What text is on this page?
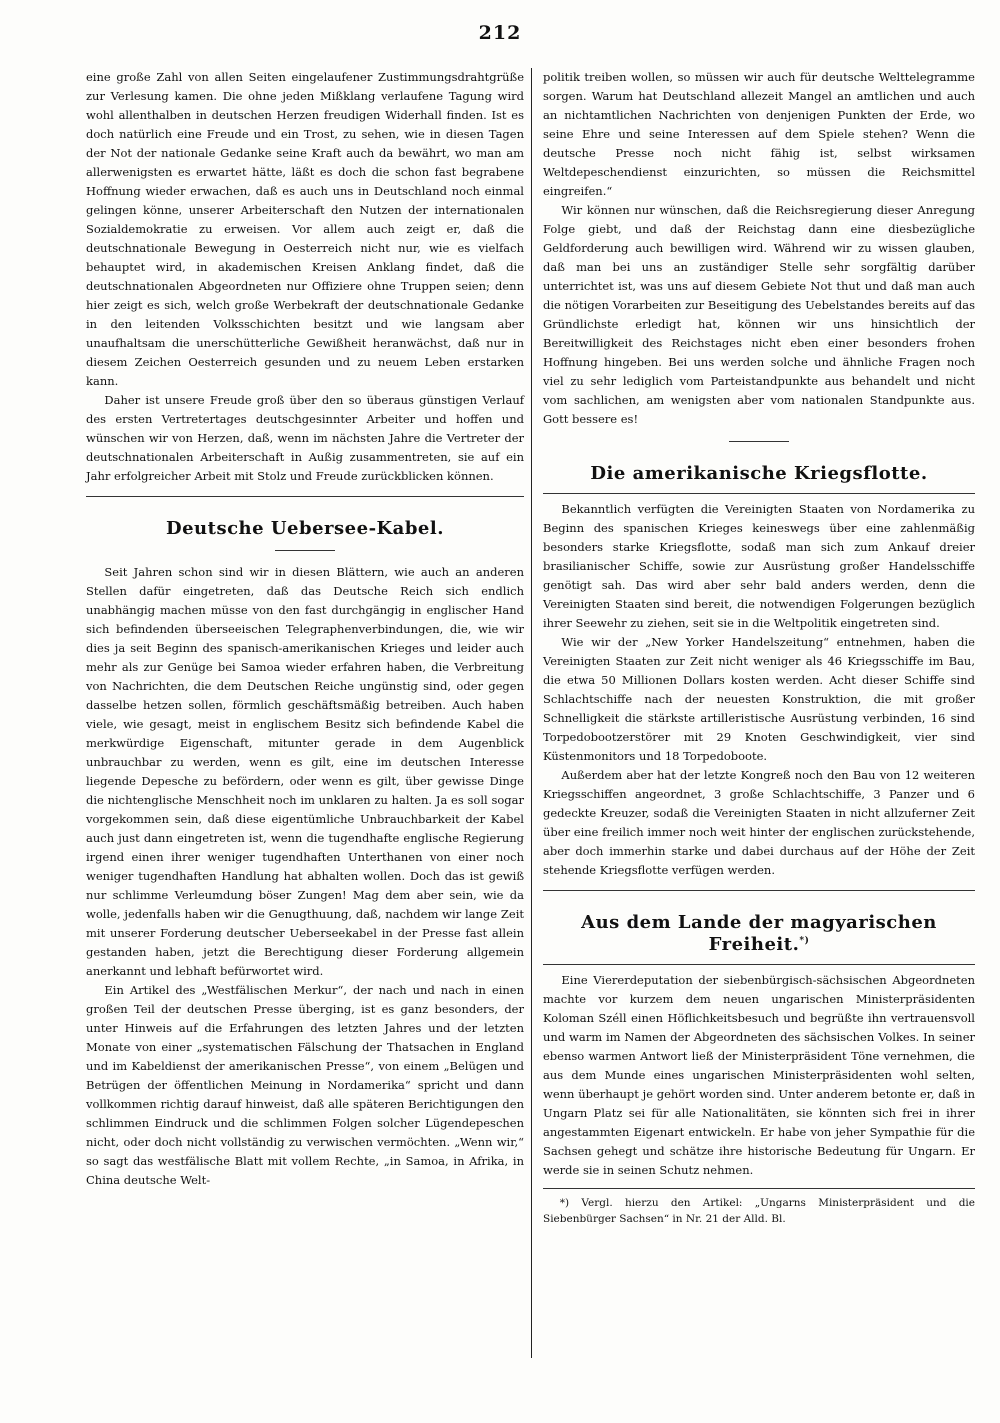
212

eine große Zahl von allen Seiten eingelaufener Zustimmungsdrahtgrüße zur Verlesung kamen. Die ohne jeden Mißklang verlaufene Tagung wird wohl allenthalben in deutschen Herzen freudigen Widerhall finden. Ist es doch natürlich eine Freude und ein Trost, zu sehen, wie in diesen Tagen der Not der nationale Gedanke seine Kraft auch da bewährt, wo man am allerwenigsten es erwartet hätte, läßt es doch die schon fast begrabene Hoffnung wieder erwachen, daß es auch uns in Deutschland noch einmal gelingen könne, unserer Arbeiterschaft den Nutzen der internationalen Sozialdemokratie zu erweisen. Vor allem auch zeigt er, daß die deutschnationale Bewegung in Oesterreich nicht nur, wie es vielfach behauptet wird, in akademischen Kreisen Anklang findet, daß die deutschnationalen Abgeordneten nur Offiziere ohne Truppen seien; denn hier zeigt es sich, welch große Werbekraft der deutschnationale Gedanke in den leitenden Volksschichten besitzt und wie langsam aber unaufhaltsam die unerschütterliche Gewißheit heranwächst, daß nur in diesem Zeichen Oesterreich gesunden und zu neuem Leben erstarken kann.

Daher ist unsere Freude groß über den so überaus günstigen Verlauf des ersten Vertretertages deutschgesinnter Arbeiter und hoffen und wünschen wir von Herzen, daß, wenn im nächsten Jahre die Vertreter der deutschnationalen Arbeiterschaft in Außig zusammentreten, sie auf ein Jahr erfolgreicher Arbeit mit Stolz und Freude zurückblicken können.

Deutsche Uebersee-Kabel.

Seit Jahren schon sind wir in diesen Blättern, wie auch an anderen Stellen dafür eingetreten, daß das Deutsche Reich sich endlich unabhängig machen müsse von den fast durchgängig in englischer Hand sich befindenden überseeischen Telegraphenverbindungen, die, wie wir dies ja seit Beginn des spanisch-amerikanischen Krieges und leider auch mehr als zur Genüge bei Samoa wieder erfahren haben, die Verbreitung von Nachrichten, die dem Deutschen Reiche ungünstig sind, oder gegen dasselbe hetzen sollen, förmlich geschäftsmäßig betreiben. Auch haben viele, wie gesagt, meist in englischem Besitz sich befindende Kabel die merkwürdige Eigenschaft, mitunter gerade in dem Augenblick unbrauchbar zu werden, wenn es gilt, eine im deutschen Interesse liegende Depesche zu befördern, oder wenn es gilt, über gewisse Dinge die nichtenglische Menschheit noch im unklaren zu halten. Ja es soll sogar vorgekommen sein, daß diese eigentümliche Unbrauchbarkeit der Kabel auch just dann eingetreten ist, wenn die tugendhafte englische Regierung irgend einen ihrer weniger tugendhaften Unterthanen von einer noch weniger tugendhaften Handlung hat abhalten wollen. Doch das ist gewiß nur schlimme Verleumdung böser Zungen! Mag dem aber sein, wie da wolle, jedenfalls haben wir die Genugthuung, daß, nachdem wir lange Zeit mit unserer Forderung deutscher Ueberseekabel in der Presse fast allein gestanden haben, jetzt die Berechtigung dieser Forderung allgemein anerkannt und lebhaft befürwortet wird.

Ein Artikel des „Westfälischen Merkur“, der nach und nach in einen großen Teil der deutschen Presse überging, ist es ganz besonders, der unter Hinweis auf die Erfahrungen des letzten Jahres und der letzten Monate von einer „systematischen Fälschung der Thatsachen in England und im Kabeldienst der amerikanischen Presse“, von einem „Belügen und Betrügen der öffentlichen Meinung in Nordamerika“ spricht und dann vollkommen richtig darauf hinweist, daß alle späteren Berichtigungen den schlimmen Eindruck und die schlimmen Folgen solcher Lügendepeschen nicht, oder doch nicht vollständig zu verwischen vermöchten. „Wenn wir,“ so sagt das westfälische Blatt mit vollem Rechte, „in Samoa, in Afrika, in China deutsche Welt-

politik treiben wollen, so müssen wir auch für deutsche Welttelegramme sorgen. Warum hat Deutschland allezeit Mangel an amtlichen und auch an nichtamtlichen Nachrichten von denjenigen Punkten der Erde, wo seine Ehre und seine Interessen auf dem Spiele stehen? Wenn die deutsche Presse noch nicht fähig ist, selbst wirksamen Weltdepeschendienst einzurichten, so müssen die Reichsmittel eingreifen.“

Wir können nur wünschen, daß die Reichsregierung dieser Anregung Folge giebt, und daß der Reichstag dann eine diesbezügliche Geldforderung auch bewilligen wird. Während wir zu wissen glauben, daß man bei uns an zuständiger Stelle sehr sorgfältig darüber unterrichtet ist, was uns auf diesem Gebiete Not thut und daß man auch die nötigen Vorarbeiten zur Beseitigung des Uebelstandes bereits auf das Gründlichste erledigt hat, können wir uns hinsichtlich der Bereitwilligkeit des Reichstages nicht eben einer besonders frohen Hoffnung hingeben. Bei uns werden solche und ähnliche Fragen noch viel zu sehr lediglich vom Parteistandpunkte aus behandelt und nicht vom sachlichen, am wenigsten aber vom nationalen Standpunkte aus. Gott bessere es!

Die amerikanische Kriegsflotte.

Bekanntlich verfügten die Vereinigten Staaten von Nordamerika zu Beginn des spanischen Krieges keineswegs über eine zahlenmäßig besonders starke Kriegsflotte, sodaß man sich zum Ankauf dreier brasilianischer Schiffe, sowie zur Ausrüstung großer Handelsschiffe genötigt sah. Das wird aber sehr bald anders werden, denn die Vereinigten Staaten sind bereit, die notwendigen Folgerungen bezüglich ihrer Seewehr zu ziehen, seit sie in die Weltpolitik eingetreten sind.

Wie wir der „New Yorker Handelszeitung“ entnehmen, haben die Vereinigten Staaten zur Zeit nicht weniger als 46 Kriegsschiffe im Bau, die etwa 50 Millionen Dollars kosten werden. Acht dieser Schiffe sind Schlachtschiffe nach der neuesten Konstruktion, die mit großer Schnelligkeit die stärkste artilleristische Ausrüstung verbinden, 16 sind Torpedobootzerstörer mit 29 Knoten Geschwindigkeit, vier sind Küstenmonitors und 18 Torpedoboote.

Außerdem aber hat der letzte Kongreß noch den Bau von 12 weiteren Kriegsschiffen angeordnet, 3 große Schlachtschiffe, 3 Panzer und 6 gedeckte Kreuzer, sodaß die Vereinigten Staaten in nicht allzuferner Zeit über eine freilich immer noch weit hinter der englischen zurückstehende, aber doch immerhin starke und dabei durchaus auf der Höhe der Zeit stehende Kriegsflotte verfügen werden.

Aus dem Lande der magyarischen Freiheit.*)

Eine Viererdeputation der siebenbürgisch-sächsischen Abgeordneten machte vor kurzem dem neuen ungarischen Ministerpräsidenten Koloman Széll einen Höflichkeitsbesuch und begrüßte ihn vertrauensvoll und warm im Namen der Abgeordneten des sächsischen Volkes. In seiner ebenso warmen Antwort ließ der Ministerpräsident Töne vernehmen, die aus dem Munde eines ungarischen Ministerpräsidenten wohl selten, wenn überhaupt je gehört worden sind. Unter anderem betonte er, daß in Ungarn Platz sei für alle Nationalitäten, sie könnten sich frei in ihrer angestammten Eigenart entwickeln. Er habe von jeher Sympathie für die Sachsen gehegt und schätze ihre historische Bedeutung für Ungarn. Er werde sie in seinen Schutz nehmen.

*) Vergl. hierzu den Artikel: „Ungarns Ministerpräsident und die Siebenbürger Sachsen“ in Nr. 21 der Alld. Bl.
